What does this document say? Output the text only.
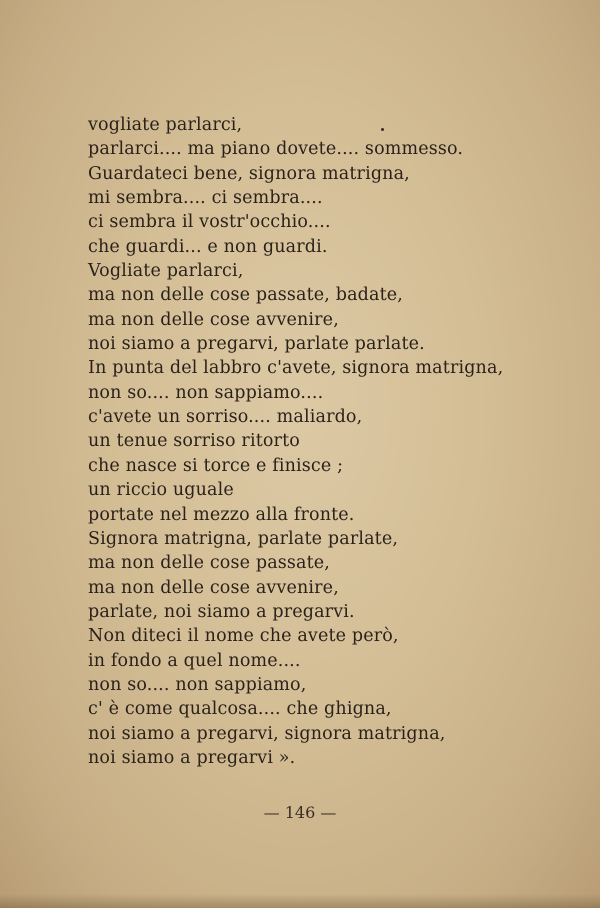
vogliate parlarci,
parlarci.... ma piano dovete.... sommesso.
Guardateci bene, signora matrigna,
mi sembra.... ci sembra....
ci sembra il vostr'occhio....
che guardi... e non guardi.
Vogliate parlarci,
ma non delle cose passate, badate,
ma non delle cose avvenire,
noi siamo a pregarvi, parlate parlate.
In punta del labbro c'avete, signora matrigna,
non so.... non sappiamo....
c'avete un sorriso.... maliardo,
un tenue sorriso ritorto
che nasce si torce e finisce ;
un riccio uguale
portate nel mezzo alla fronte.
Signora matrigna, parlate parlate,
ma non delle cose passate,
ma non delle cose avvenire,
parlate, noi siamo a pregarvi.
Non diteci il nome che avete però,
in fondo a quel nome....
non so.... non sappiamo,
c' è come qualcosa.... che ghigna,
noi siamo a pregarvi, signora matrigna,
noi siamo a pregarvi ».
— 146 —
